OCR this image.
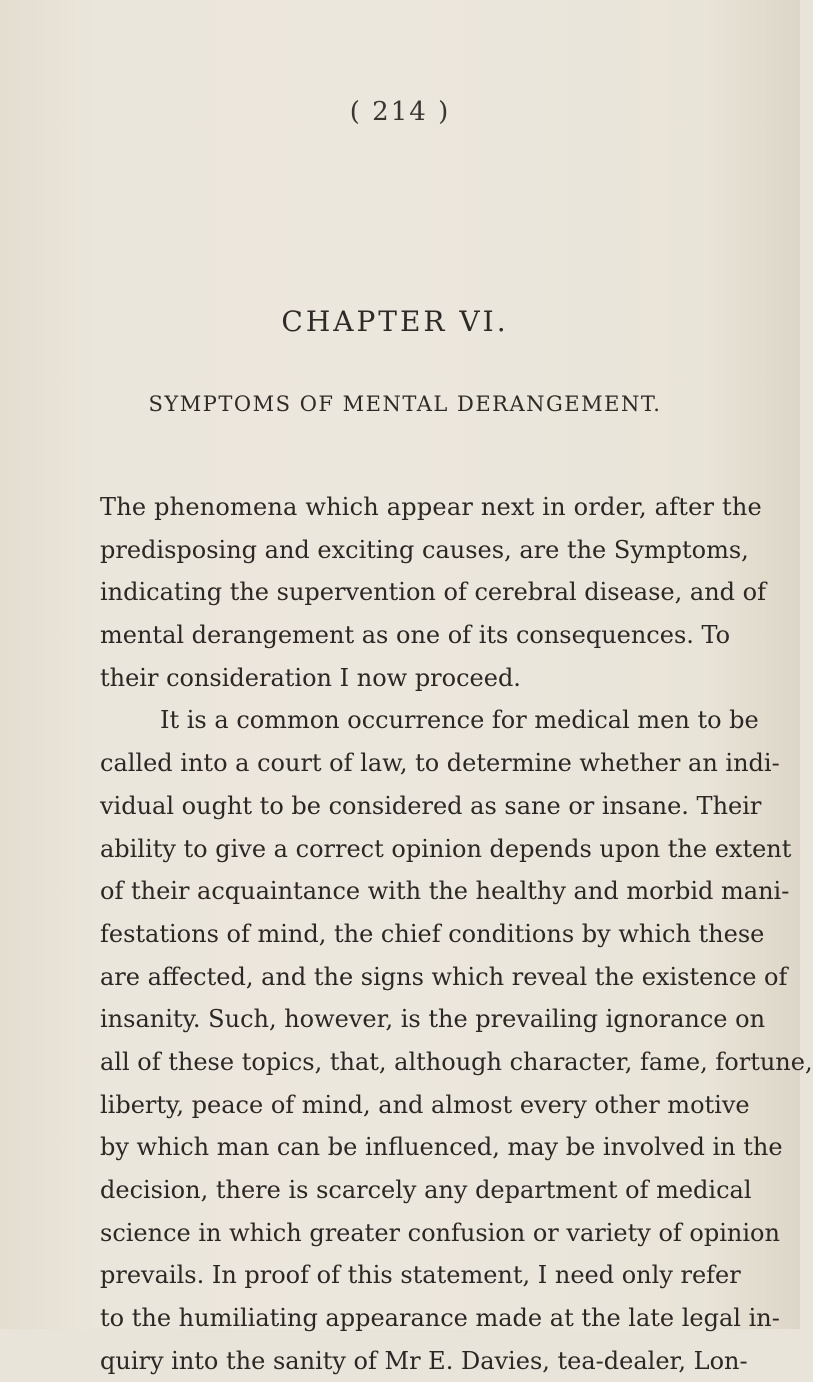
( 214 )
CHAPTER VI.
SYMPTOMS OF MENTAL DERANGEMENT.
The phenomena which appear next in order, after the
predisposing and exciting causes, are the Symptoms,
indicating the supervention of cerebral disease, and of
mental derangement as one of its consequences. To
their consideration I now proceed.
It is a common occurrence for medical men to be
called into a court of law, to determine whether an indi-
vidual ought to be considered as sane or insane. Their
ability to give a correct opinion depends upon the extent
of their acquaintance with the healthy and morbid mani-
festations of mind, the chief conditions by which these
are affected, and the signs which reveal the existence of
insanity. Such, however, is the prevailing ignorance on
all of these topics, that, although character, fame, fortune,
liberty, peace of mind, and almost every other motive
by which man can be influenced, may be involved in the
decision, there is scarcely any department of medical
science in which greater confusion or variety of opinion
prevails. In proof of this statement, I need only refer
to the humiliating appearance made at the late legal in-
quiry into the sanity of Mr E. Davies, tea-dealer, Lon-
